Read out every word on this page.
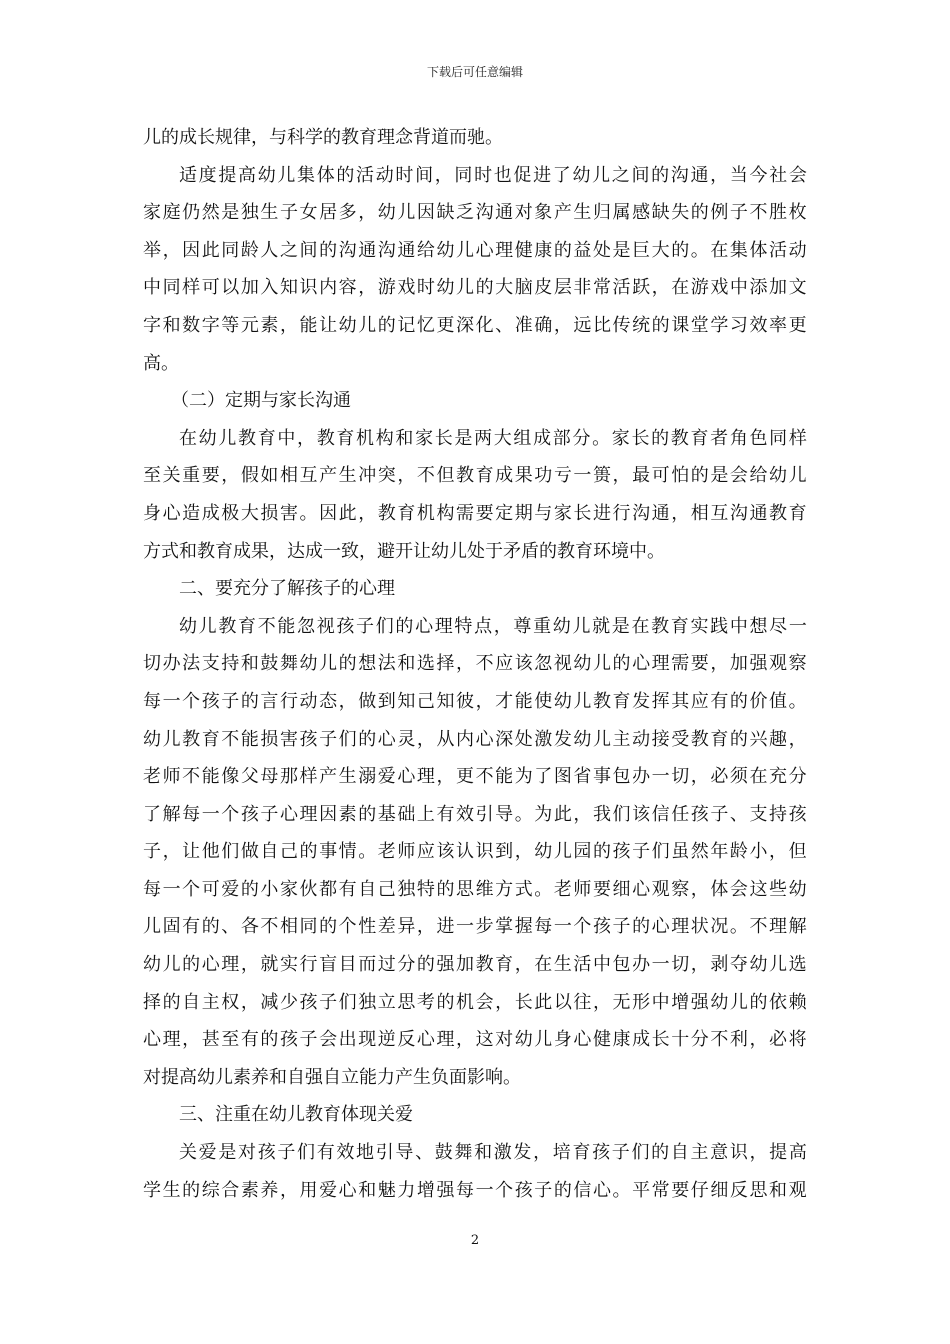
下载后可任意编辑
儿的成长规律，与科学的教育理念背道而驰。
适 度 提 高 幼 儿 集 体 的 活 动 时 间 ， 同 时 也 促 进 了 幼 儿 之 间 的 沟 通 ， 当 今 社 会
家 庭 仍 然 是 独 生 子 女 居 多 ， 幼 儿 因 缺 乏 沟 通 对 象 产 生 归 属 感 缺 失 的 例 子 不 胜 枚
举 ， 因 此 同 龄 人 之 间 的 沟 通 沟 通 给 幼 儿 心 理 健 康 的 益 处 是 巨 大 的 。 在 集 体 活 动
中 同 样 可 以 加 入 知 识 内 容 ， 游 戏 时 幼 儿 的 大 脑 皮 层 非 常 活 跃 ， 在 游 戏 中 添 加 文
字 和 数 字 等 元 素 ， 能 让 幼 儿 的 记 忆 更 深 化 、 准 确 ， 远 比 传 统 的 课 堂 学 习 效 率 更
高。
（二）定期与家长沟通
在 幼 儿 教 育 中 ， 教 育 机 构 和 家 长 是 两 大 组 成 部 分 。 家 长 的 教 育 者 角 色 同 样
至 关 重 要 ， 假 如 相 互 产 生 冲 突 ， 不 但 教 育 成 果 功 亏 一 篑 ， 最 可 怕 的 是 会 给 幼 儿
身 心 造 成 极 大 损 害 。 因 此 ， 教 育 机 构 需 要 定 期 与 家 长 进 行 沟 通 ， 相 互 沟 通 教 育
方式和教育成果，达成一致，避开让幼儿处于矛盾的教育环境中。
二、要充分了解孩子的心理
幼 儿 教 育 不 能 忽 视 孩 子 们 的 心 理 特 点 ， 尊 重 幼 儿 就 是 在 教 育 实 践 中 想 尽 一
切 办 法 支 持 和 鼓 舞 幼 儿 的 想 法 和 选 择 ， 不 应 该 忽 视 幼 儿 的 心 理 需 要 ， 加 强 观 察
每 一 个 孩 子 的 言 行 动 态 ， 做 到 知 己 知 彼 ， 才 能 使 幼 儿 教 育 发 挥 其 应 有 的 价 值 。
幼 儿 教 育 不 能 损 害 孩 子 们 的 心 灵 ， 从 内 心 深 处 激 发 幼 儿 主 动 接 受 教 育 的 兴 趣 ，
老 师 不 能 像 父 母 那 样 产 生 溺 爱 心 理 ， 更 不 能 为 了 图 省 事 包 办 一 切 ， 必 须 在 充 分
了 解 每 一 个 孩 子 心 理 因 素 的 基 础 上 有 效 引 导 。 为 此 ， 我 们 该 信 任 孩 子 、 支 持 孩
子 ， 让 他 们 做 自 己 的 事 情 。 老 师 应 该 认 识 到 ， 幼 儿 园 的 孩 子 们 虽 然 年 龄 小 ， 但
每 一 个 可 爱 的 小 家 伙 都 有 自 己 独 特 的 思 维 方 式 。 老 师 要 细 心 观 察 ， 体 会 这 些 幼
儿 固 有 的 、 各 不 相 同 的 个 性 差 异 ， 进 一 步 掌 握 每 一 个 孩 子 的 心 理 状 况 。 不 理 解
幼 儿 的 心 理 ， 就 实 行 盲 目 而 过 分 的 强 加 教 育 ， 在 生 活 中 包 办 一 切 ， 剥 夺 幼 儿 选
择 的 自 主 权 ， 减 少 孩 子 们 独 立 思 考 的 机 会 ， 长 此 以 往 ， 无 形 中 增 强 幼 儿 的 依 赖
心 理 ， 甚 至 有 的 孩 子 会 出 现 逆 反 心 理 ， 这 对 幼 儿 身 心 健 康 成 长 十 分 不 利 ， 必 将
对提高幼儿素养和自强自立能力产生负面影响。
三、注重在幼儿教育体现关爱
关 爱 是 对 孩 子 们 有 效 地 引 导 、 鼓 舞 和 激 发 ， 培 育 孩 子 们 的 自 主 意 识 ， 提 高
学 生 的 综 合 素 养 ， 用 爱 心 和 魅 力 增 强 每 一 个 孩 子 的 信 心 。 平 常 要 仔 细 反 思 和 观
2
